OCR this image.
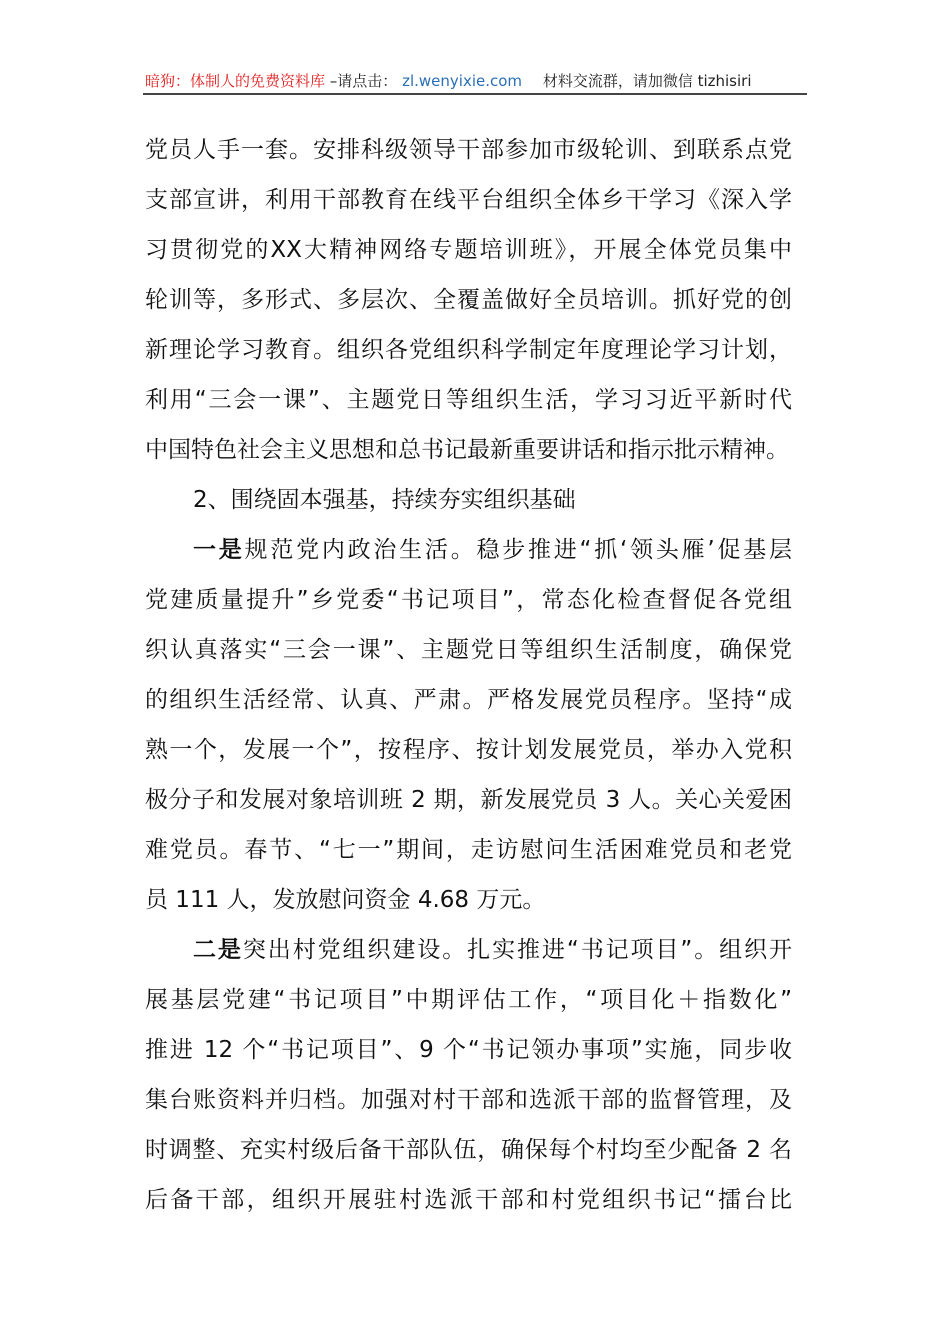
暗狗：体制人的免费资料库 –请点击： zl.wenyixie.com 材料交流群，请加微信 tizhisiri
党员人手一套。安排科级领导干部参加市级轮训、到联系点党
支部宣讲，利用干部教育在线平台组织全体乡干学习《深入学
习贯彻党的XX大精神网络专题培训班》，开展全体党员集中
轮训等，多形式、多层次、全覆盖做好全员培训。抓好党的创
新理论学习教育。组织各党组织科学制定年度理论学习计划，
利用“三会一课”、主题党日等组织生活，学习习近平新时代
中国特色社会主义思想和总书记最新重要讲话和指示批示精神。
2、围绕固本强基，持续夯实组织基础
一是规范党内政治生活。稳步推进“抓‘领头雁’促基层
党建质量提升”乡党委“书记项目”，常态化检查督促各党组
织认真落实“三会一课”、主题党日等组织生活制度，确保党
的组织生活经常、认真、严肃。严格发展党员程序。坚持“成
熟一个，发展一个”，按程序、按计划发展党员，举办入党积
极分子和发展对象培训班 2 期，新发展党员 3 人。关心关爱困
难党员。春节、“七一”期间，走访慰问生活困难党员和老党
员 111 人，发放慰问资金 4.68 万元。
二是突出村党组织建设。扎实推进“书记项目”。组织开
展基层党建“书记项目”中期评估工作，“项目化＋指数化”
推进 12 个“书记项目”、9 个“书记领办事项”实施，同步收
集台账资料并归档。加强对村干部和选派干部的监督管理，及
时调整、充实村级后备干部队伍，确保每个村均至少配备 2 名
后备干部，组织开展驻村选派干部和村党组织书记“擂台比
